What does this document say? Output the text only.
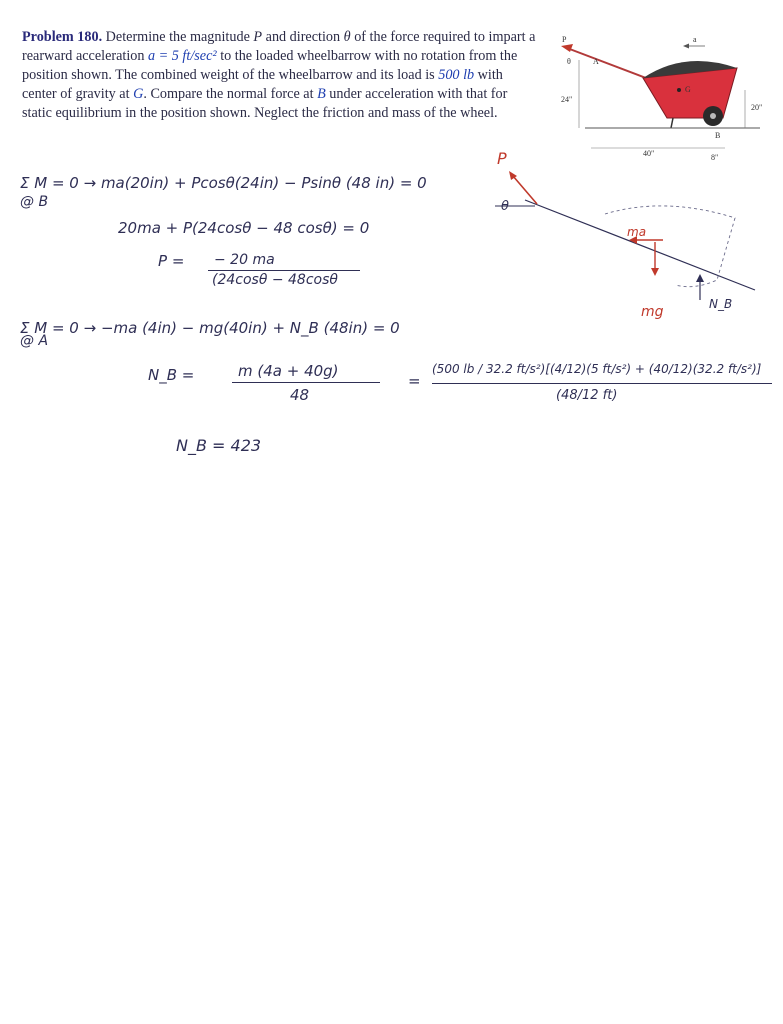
Problem 180. Determine the magnitude P and direction θ of the force required to impart a rearward acceleration a = 5 ft/sec² to the loaded wheelbarrow with no rotation from the position shown. The combined weight of the wheelbarrow and its load is 500 lb with center of gravity at G. Compare the normal force at B under acceleration with that for static equilibrium in the position shown. Neglect the friction and mass of the wheel.
P
A
θ
a
G
B
24"
20"
40"	8"
Σ M = 0 → ma(20in) + Pcosθ(24in) − Psinθ (48 in) = 0
@ B
20ma + P(24cosθ − 48 cosθ) = 0
P = − 20 ma
(24cosθ − 48cosθ
Σ M = 0 → −ma (4in) − mg(40in) + N_B (48in) = 0
@ A
N_B =	m (4a + 40g)
48
=
(500 lb / 32.2 ft/s²)[(4/12)(5 ft/s²) + (40/12)(32.2 ft/s²)]
(48/12 ft)
N_B = 423
P
θ
ma
mg	N_B
